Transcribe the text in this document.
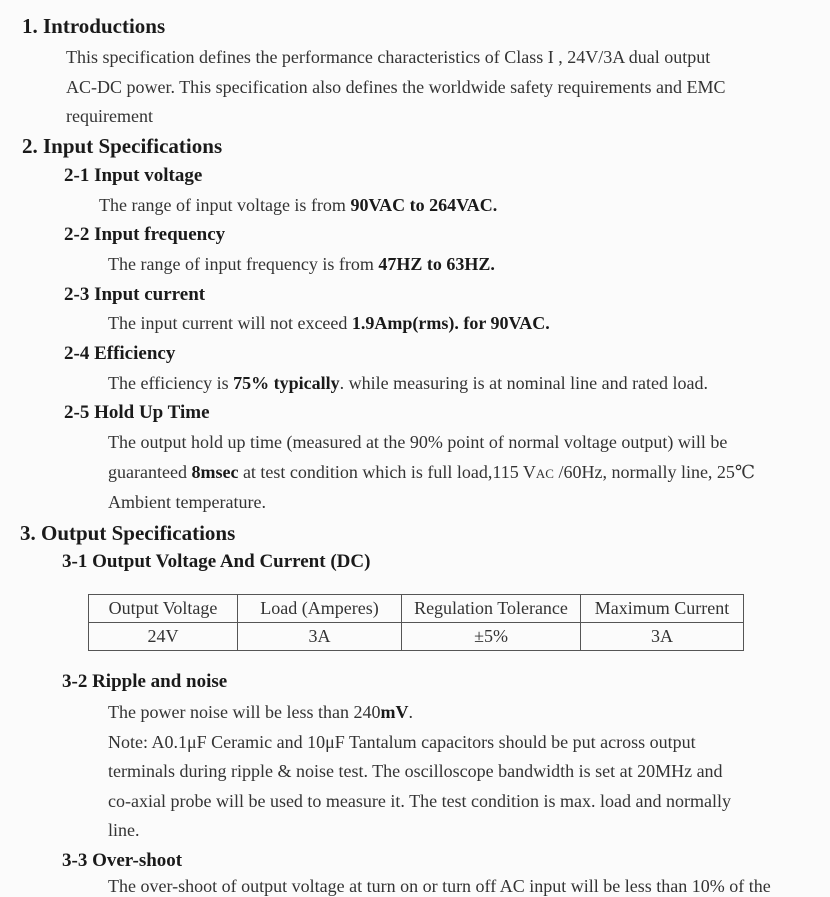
1. Introductions
This specification defines the performance characteristics of Class I , 24V/3A dual output
AC-DC power. This specification also defines the worldwide safety requirements and EMC
requirement
2. Input Specifications
2-1 Input voltage
The range of input voltage is from 90VAC to 264VAC.
2-2 Input frequency
The range of input frequency is from 47HZ to 63HZ.
2-3 Input current
The input current will not exceed 1.9Amp(rms). for 90VAC.
2-4 Efficiency
The efficiency is 75% typically. while measuring is at nominal line and rated load.
2-5 Hold Up Time
The output hold up time (measured at the 90% point of normal voltage output) will be
guaranteed 8msec at test condition which is full load,115 VAC /60Hz, normally line, 25℃
Ambient temperature.
3. Output Specifications
3-1 Output Voltage And Current (DC)
Output Voltage	Load (Amperes)	Regulation Tolerance	Maximum Current
24V	3A	±5%	3A
3-2 Ripple and noise
The power noise will be less than 240mV.
Note: A0.1μF Ceramic and 10μF Tantalum capacitors should be put across output
terminals during ripple & noise test. The oscilloscope bandwidth is set at 20MHz and
co-axial probe will be used to measure it. The test condition is max. load and normally
line.
3-3 Over-shoot
The over-shoot of output voltage at turn on or turn off AC input will be less than 10% of the
